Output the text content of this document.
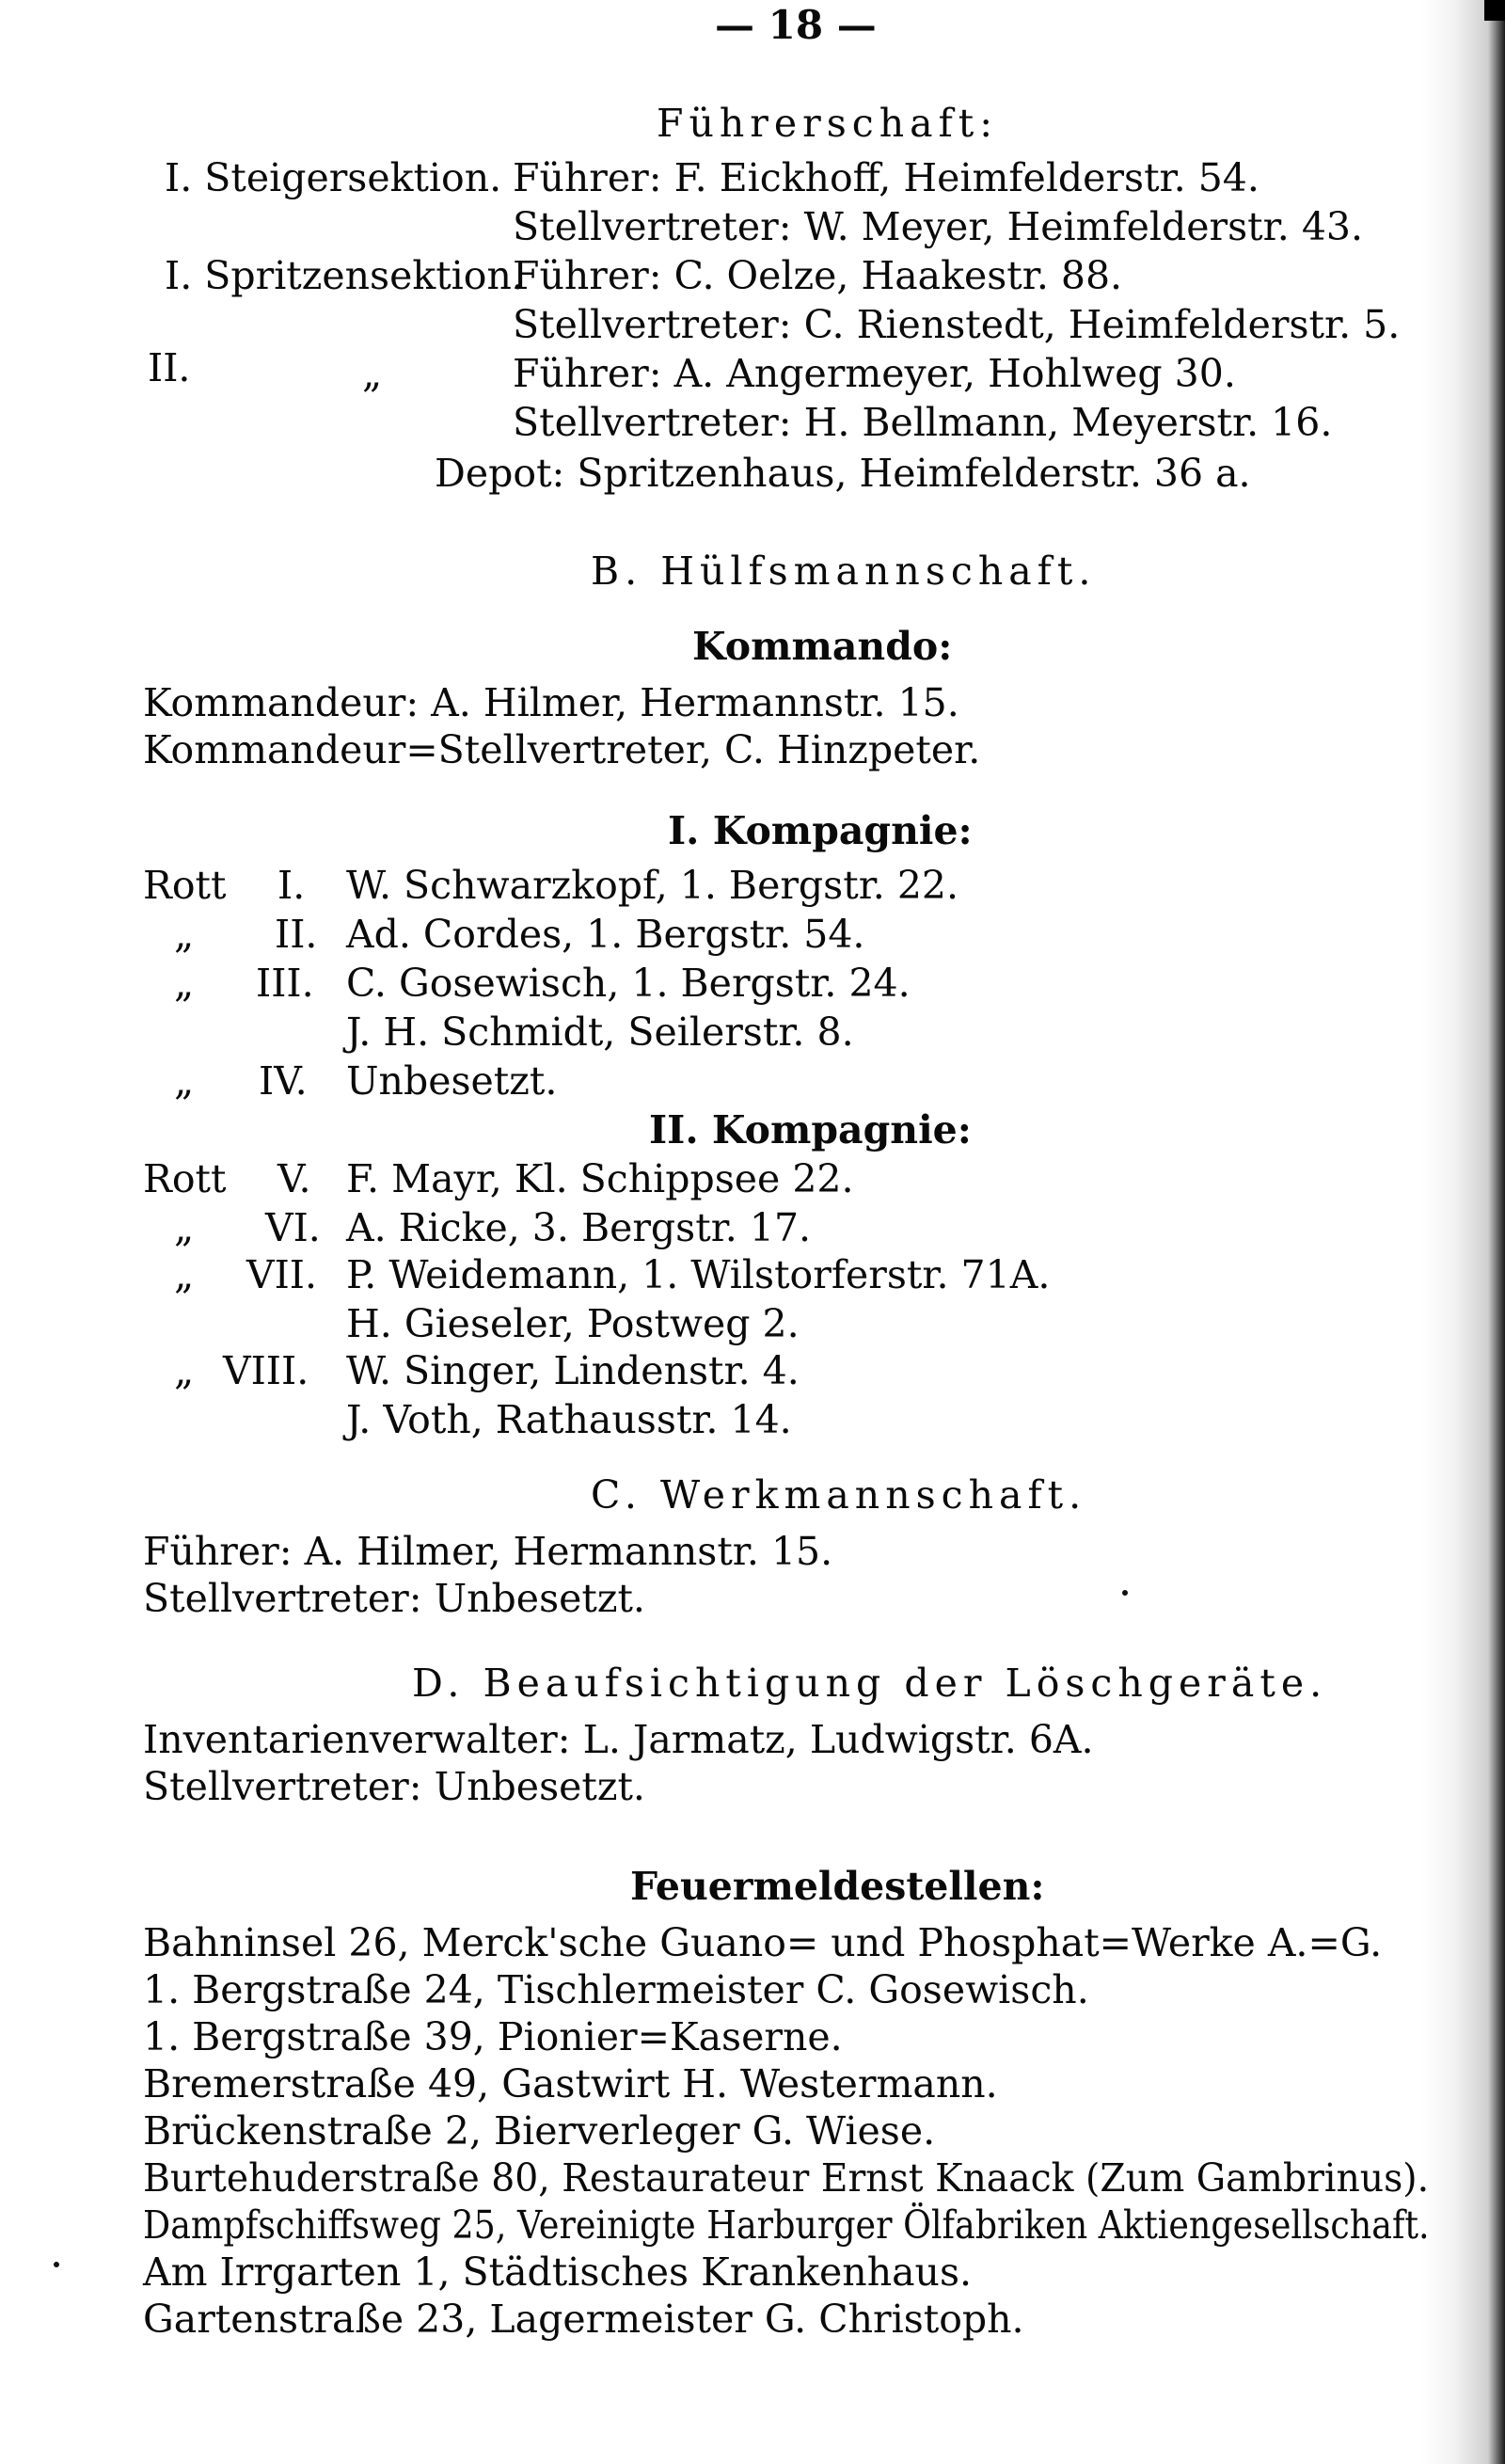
— 18 —
Führerschaft:
I. Steigersektion. Führer: F. Eickhoff, Heimfelderstr. 54.
Stellvertreter: W. Meyer, Heimfelderstr. 43.
I. Spritzensektion.
Führer: C. Oelze, Haakestr. 88.
Stellvertreter: C. Rienstedt, Heimfelderstr. 5.
II.	„	Führer: A. Angermeyer, Hohlweg 30.
Stellvertreter: H. Bellmann, Meyerstr. 16.
Depot: Spritzenhaus, Heimfelderstr. 36 a.
B. Hülfsmannschaft.
Kommando:
Kommandeur: A. Hilmer, Hermannstr. 15.
Kommandeur=Stellvertreter, C. Hinzpeter.
I. Kompagnie:
Rott I. W. Schwarzkopf, 1. Bergstr. 22.
„ II. Ad. Cordes, 1. Bergstr. 54.
„ III. C. Gosewisch, 1. Bergstr. 24.
J. H. Schmidt, Seilerstr. 8.
„ IV. Unbesetzt.
II. Kompagnie:
Rott V. F. Mayr, Kl. Schippsee 22.
„ VI. A. Ricke, 3. Bergstr. 17.
„ VII. P. Weidemann, 1. Wilstorferstr. 71A.
H. Gieseler, Postweg 2.
„ VIII. W. Singer, Lindenstr. 4.
J. Voth, Rathausstr. 14.
C. Werkmannschaft.
Führer: A. Hilmer, Hermannstr. 15.
Stellvertreter: Unbesetzt.
D. Beaufsichtigung der Löschgeräte.
Inventarienverwalter: L. Jarmatz, Ludwigstr. 6A.
Stellvertreter: Unbesetzt.
Feuermeldestellen:
Bahninsel 26, Merck'sche Guano= und Phosphat=Werke A.=G.
1. Bergstraße 24, Tischlermeister C. Gosewisch.
1. Bergstraße 39, Pionier=Kaserne.
Bremerstraße 49, Gastwirt H. Westermann.
Brückenstraße 2, Bierverleger G. Wiese.
Burtehuderstraße 80, Restaurateur Ernst Knaack (Zum Gambrinus).
Dampfschiffsweg 25, Vereinigte Harburger Ölfabriken Aktiengesellschaft.
Am Irrgarten 1, Städtisches Krankenhaus.
Gartenstraße 23, Lagermeister G. Christoph.
